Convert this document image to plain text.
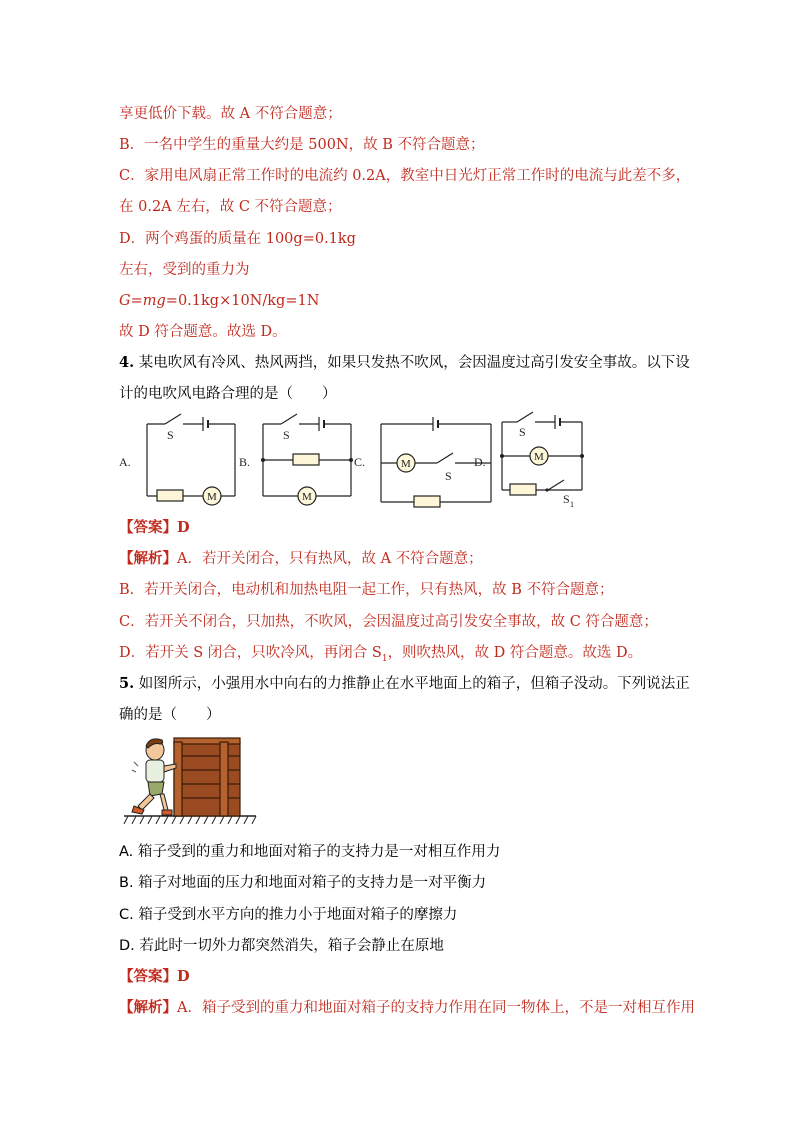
享更低价下载。故 A 不符合题意；
B．一名中学生的重量大约是 500N，故 B 不符合题意；
C．家用电风扇正常工作时的电流约 0.2A，教室中日光灯正常工作时的电流与此差不多，
在 0.2A 左右，故 C 不符合题意；
D．两个鸡蛋的质量在 100g=0.1kg
左右，受到的重力为
G=mg=0.1kg×10N/kg=1N
故 D 符合题意。故选 D。
4. 某电吹风有冷风、热风两挡，如果只发热不吹风，会因温度过高引发安全事故。以下设
计的电吹风电路合理的是（　　）
A.	B.	C.	D.
S	S
S
S
S 1
M	M
M
M
【答案】D
【解析】A．若开关闭合，只有热风，故 A 不符合题意；
B．若开关闭合，电动机和加热电阻一起工作，只有热风，故 B 不符合题意；
C．若开关不闭合，只加热，不吹风，会因温度过高引发安全事故，故 C 符合题意；
D．若开关 S 闭合，只吹冷风，再闭合 $S_1$，则吹热风，故 D 符合题意。故选 D。
5. 如图所示，小强用水中向右的力推静止在水平地面上的箱子，但箱子没动。下列说法正
确的是（　　）
A. 箱子受到的重力和地面对箱子的支持力是一对相互作用力
B. 箱子对地面的压力和地面对箱子的支持力是一对平衡力
C. 箱子受到水平方向的推力小于地面对箱子的摩擦力
D. 若此时一切外力都突然消失，箱子会静止在原地
【答案】D
【解析】A．箱子受到的重力和地面对箱子的支持力作用在同一物体上，不是一对相互作用
